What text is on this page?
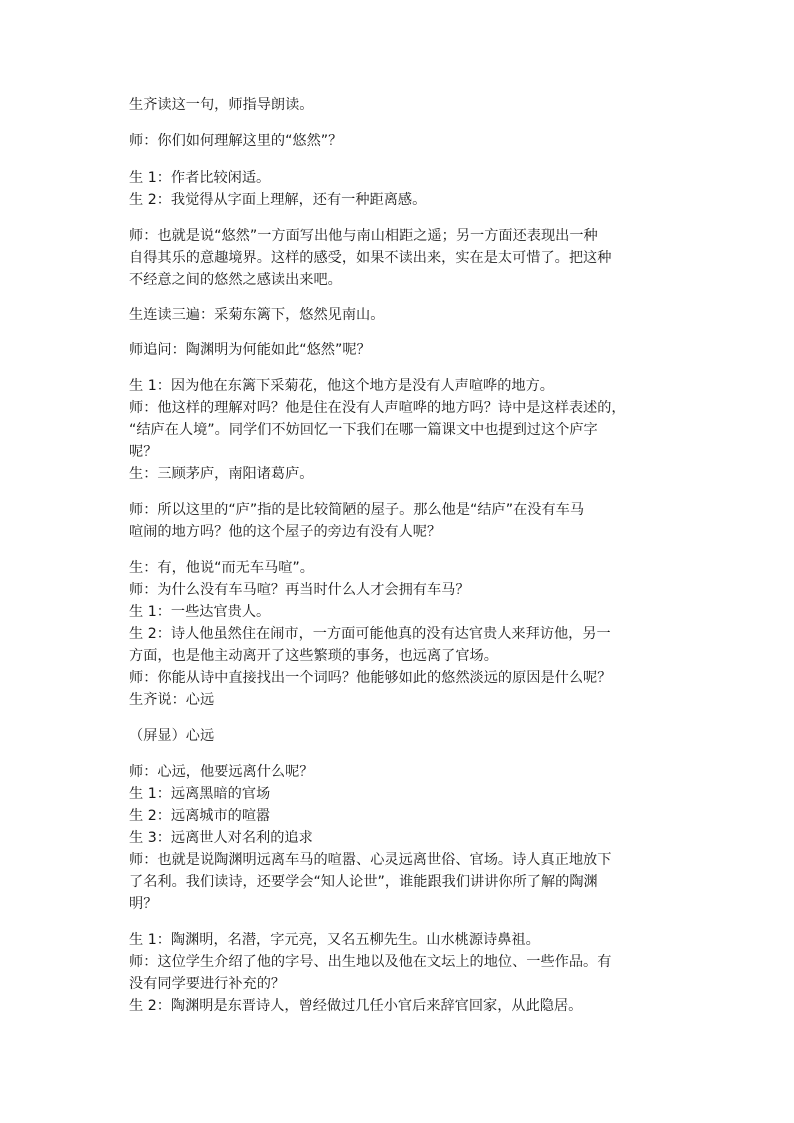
生齐读这一句，师指导朗读。

师：你们如何理解这里的“悠然”？

生 1：作者比较闲适。

生 2：我觉得从字面上理解，还有一种距离感。

师：也就是说“悠然”一方面写出他与南山相距之遥；另一方面还表现出一种

自得其乐的意趣境界。这样的感受，如果不读出来，实在是太可惜了。把这种

不经意之间的悠然之感读出来吧。

生连读三遍：采菊东篱下，悠然见南山。

师追问：陶渊明为何能如此“悠然”呢？

生 1：因为他在东篱下采菊花，他这个地方是没有人声喧哗的地方。

师：他这样的理解对吗？他是住在没有人声喧哗的地方吗？诗中是这样表述的，

“结庐在人境”。同学们不妨回忆一下我们在哪一篇课文中也提到过这个庐字

呢？

生：三顾茅庐，南阳诸葛庐。

师：所以这里的“庐”指的是比较简陋的屋子。那么他是“结庐”在没有车马

喧闹的地方吗？他的这个屋子的旁边有没有人呢？

生：有，他说“而无车马喧”。

师：为什么没有车马喧？再当时什么人才会拥有车马？

生 1：一些达官贵人。

生 2：诗人他虽然住在闹市，一方面可能他真的没有达官贵人来拜访他，另一

方面，也是他主动离开了这些繁琐的事务，也远离了官场。

师：你能从诗中直接找出一个词吗？他能够如此的悠然淡远的原因是什么呢？

生齐说：心远

（屏显）心远

师：心远，他要远离什么呢？

生 1：远离黑暗的官场

生 2：远离城市的喧嚣

生 3：远离世人对名利的追求

师：也就是说陶渊明远离车马的喧嚣、心灵远离世俗、官场。诗人真正地放下

了名利。我们读诗，还要学会“知人论世”，谁能跟我们讲讲你所了解的陶渊

明？

生 1：陶渊明，名潜，字元亮，又名五柳先生。山水桃源诗鼻祖。

师：这位学生介绍了他的字号、出生地以及他在文坛上的地位、一些作品。有

没有同学要进行补充的？

生 2：陶渊明是东晋诗人，曾经做过几任小官后来辞官回家，从此隐居。
